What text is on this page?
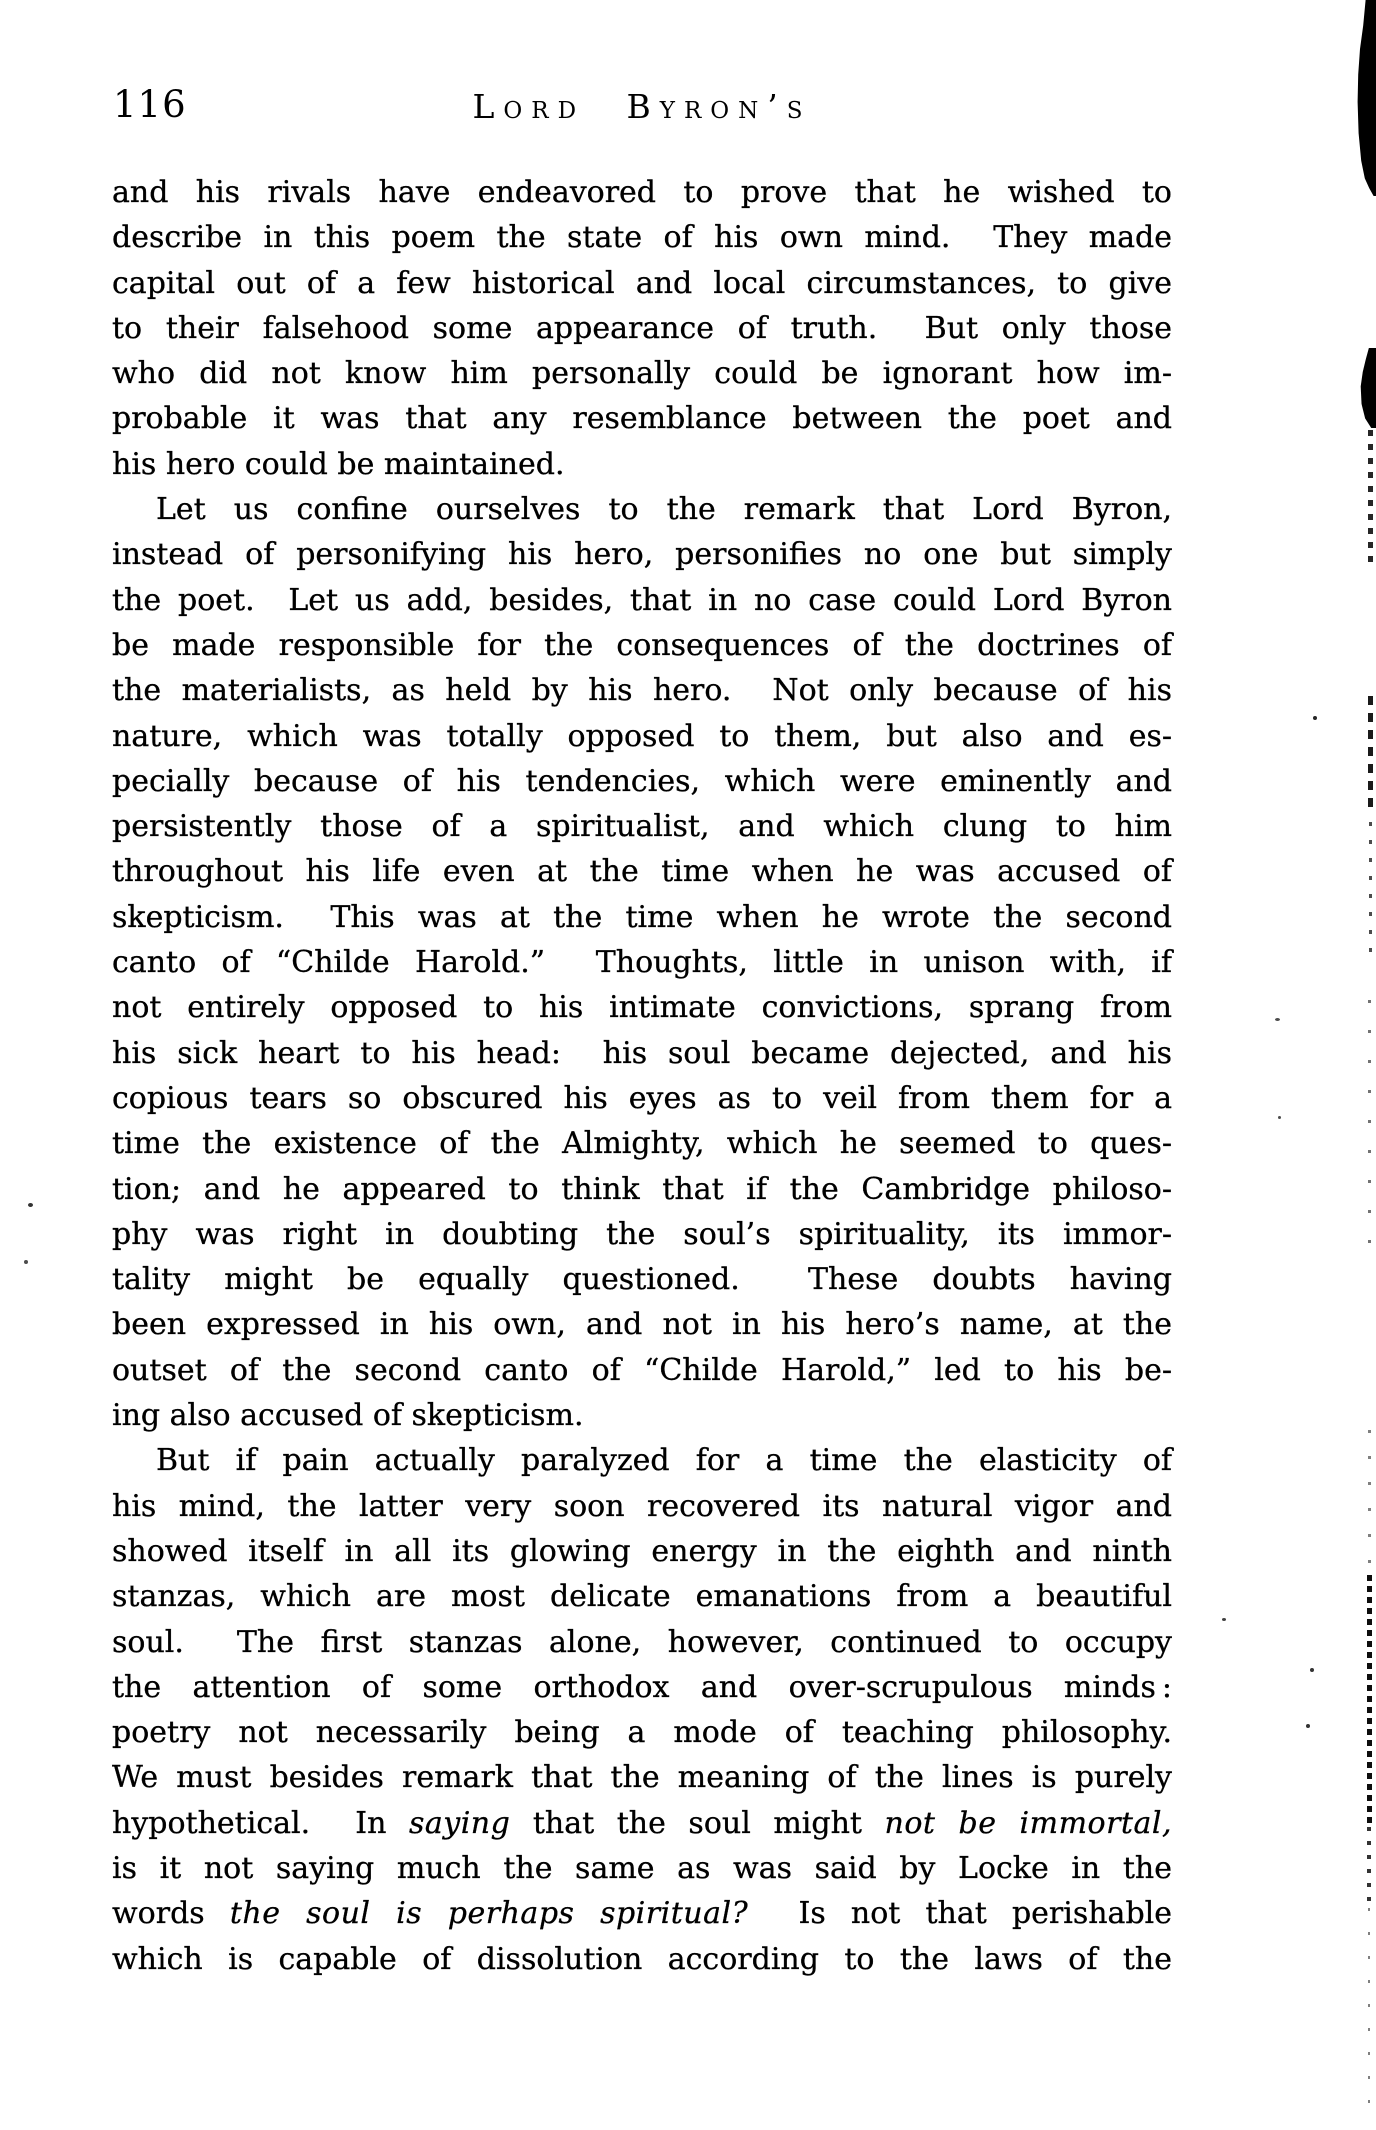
116	Lord Byron’s
and his rivals have endeavored to prove that he wished to
describe in this poem the state of his own mind.  They made
capital out of a few historical and local circumstances, to give
to their falsehood some appearance of truth.  But only those
who did not know him personally could be ignorant how im-
probable it was that any resemblance between the poet and
his hero could be maintained.
Let us confine ourselves to the remark that Lord Byron,
instead of personifying his hero, personifies no one but simply
the poet.  Let us add, besides, that in no case could Lord Byron
be made responsible for the consequences of the doctrines of
the materialists, as held by his hero.  Not only because of his
nature, which was totally opposed to them, but also and es-
pecially because of his tendencies, which were eminently and
persistently those of a spiritualist, and which clung to him
throughout his life even at the time when he was accused of
skepticism.  This was at the time when he wrote the second
canto of “Childe Harold.”  Thoughts, little in unison with, if
not entirely opposed to his intimate convictions, sprang from
his sick heart to his head:  his soul became dejected, and his
copious tears so obscured his eyes as to veil from them for a
time the existence of the Almighty, which he seemed to ques-
tion; and he appeared to think that if the Cambridge philoso-
phy was right in doubting the soul’s spirituality, its immor-
tality might be equally questioned.  These doubts having
been expressed in his own, and not in his hero’s name, at the
outset of the second canto of “Childe Harold,” led to his be-
ing also accused of skepticism.
But if pain actually paralyzed for a time the elasticity of
his mind, the latter very soon recovered its natural vigor and
showed itself in all its glowing energy in the eighth and ninth
stanzas, which are most delicate emanations from a beautiful
soul.  The first stanzas alone, however, continued to occupy
the attention of some orthodox and over-scrupulous minds :
poetry not necessarily being a mode of teaching philosophy.
We must besides remark that the meaning of the lines is purely
hypothetical.  In saying that the soul might not be immortal,
is it not saying much the same as was said by Locke in the
words the soul is perhaps spiritual?  Is not that perishable
which is capable of dissolution according to the laws of the
